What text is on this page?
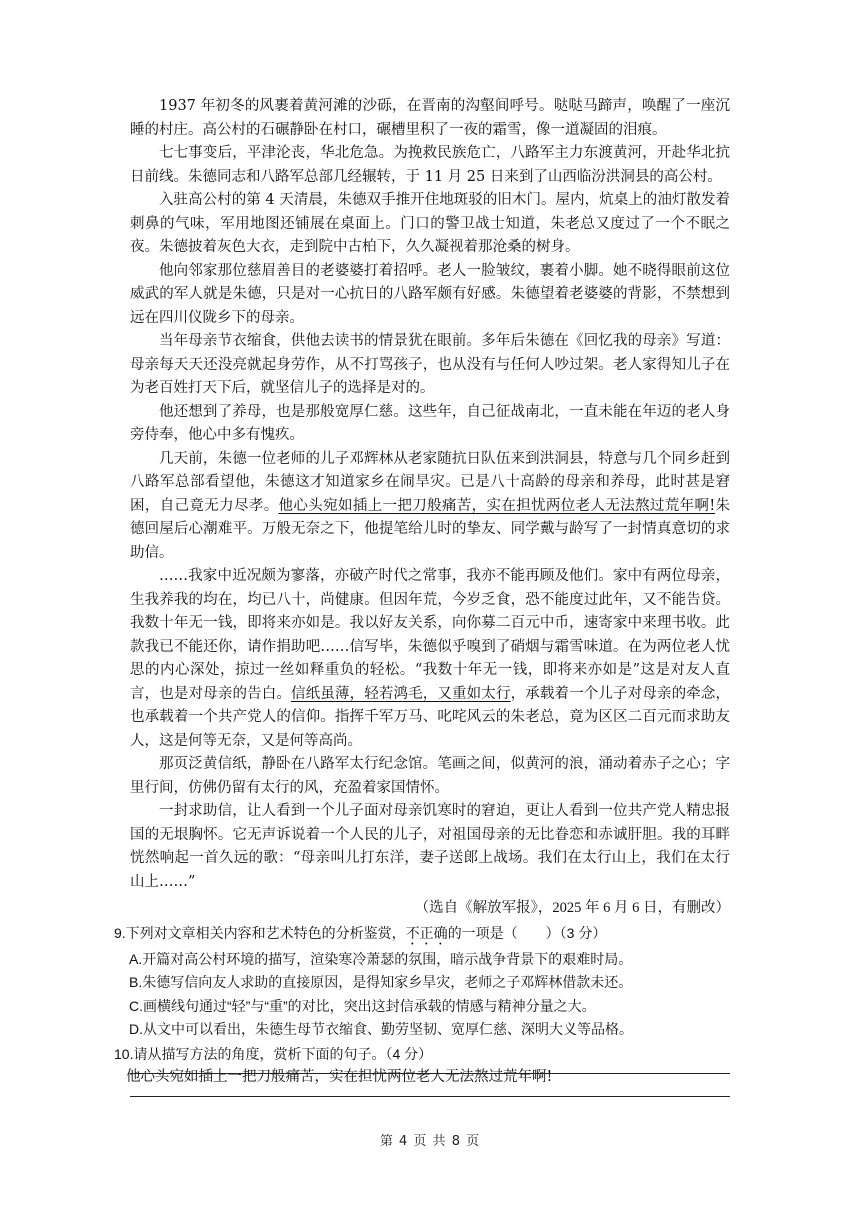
1937 年初冬的风裹着黄河滩的沙砾，在晋南的沟壑间呼号。哒哒马蹄声，唤醒了一座沉睡的村庄。高公村的石碾静卧在村口，碾槽里积了一夜的霜雪，像一道凝固的泪痕。

七七事变后，平津沦丧，华北危急。为挽救民族危亡，八路军主力东渡黄河，开赴华北抗日前线。朱德同志和八路军总部几经辗转，于 11 月 25 日来到了山西临汾洪洞县的高公村。

入驻高公村的第 4 天清晨，朱德双手推开住地斑驳的旧木门。屋内，炕桌上的油灯散发着刺鼻的气味，军用地图还铺展在桌面上。门口的警卫战士知道，朱老总又度过了一个不眠之夜。朱德披着灰色大衣，走到院中古柏下，久久凝视着那沧桑的树身。

他向邻家那位慈眉善目的老婆婆打着招呼。老人一脸皱纹，裹着小脚。她不晓得眼前这位威武的军人就是朱德，只是对一心抗日的八路军颇有好感。朱德望着老婆婆的背影，不禁想到远在四川仪陇乡下的母亲。

当年母亲节衣缩食，供他去读书的情景犹在眼前。多年后朱德在《回忆我的母亲》写道：母亲每天天还没亮就起身劳作，从不打骂孩子，也从没有与任何人吵过架。老人家得知儿子在为老百姓打天下后，就坚信儿子的选择是对的。

他还想到了养母，也是那般宽厚仁慈。这些年，自己征战南北，一直未能在年迈的老人身旁侍奉，他心中多有愧疚。

几天前，朱德一位老师的儿子邓辉林从老家随抗日队伍来到洪洞县，特意与几个同乡赶到八路军总部看望他，朱德这才知道家乡在闹旱灾。已是八十高龄的母亲和养母，此时甚是窘困，自己竟无力尽孝。他心头宛如插上一把刀般痛苦，实在担忧两位老人无法熬过荒年啊!朱德回屋后心潮难平。万般无奈之下，他提笔给儿时的挚友、同学戴与龄写了一封情真意切的求助信。

……我家中近况颇为寥落，亦破产时代之常事，我亦不能再顾及他们。家中有两位母亲，生我养我的均在，均已八十，尚健康。但因年荒，今岁乏食，恐不能度过此年，又不能告贷。我数十年无一钱，即将来亦如是。我以好友关系，向你募二百元中币，速寄家中来理书收。此款我已不能还你，请作捐助吧……信写毕，朱德似乎嗅到了硝烟与霜雪味道。在为两位老人忧思的内心深处，掠过一丝如释重负的轻松。“我数十年无一钱，即将来亦如是”这是对友人直言，也是对母亲的告白。信纸虽薄，轻若鸿毛，又重如太行，承载着一个儿子对母亲的牵念，也承载着一个共产党人的信仰。指挥千军万马、叱咤风云的朱老总，竟为区区二百元而求助友人，这是何等无奈，又是何等高尚。

那页泛黄信纸，静卧在八路军太行纪念馆。笔画之间，似黄河的浪，涌动着赤子之心；字里行间，仿佛仍留有太行的风，充盈着家国情怀。

一封求助信，让人看到一个儿子面对母亲饥寒时的窘迫，更让人看到一位共产党人精忠报国的无垠胸怀。它无声诉说着一个人民的儿子，对祖国母亲的无比眷恋和赤诚肝胆。我的耳畔恍然响起一首久远的歌：“母亲叫儿打东洋，妻子送郎上战场。我们在太行山上，我们在太行山上……”

（选自《解放军报》，2025 年 6 月 6 日，有删改）

9.下列对文章相关内容和艺术特色的分析鉴赏，不正确的一项是（　　）（3 分）

A.开篇对高公村环境的描写，渲染寒冷萧瑟的氛围，暗示战争背景下的艰难时局。

B.朱德写信向友人求助的直接原因，是得知家乡旱灾，老师之子邓辉林借款未还。

C.画横线句通过“轻”与“重”的对比，突出这封信承载的情感与精神分量之大。

D.从文中可以看出，朱德生母节衣缩食、勤劳坚韧、宽厚仁慈、深明大义等品格。

10.请从描写方法的角度，赏析下面的句子。（4 分）

他心头宛如插上一把刀般痛苦，实在担忧两位老人无法熬过荒年啊!

第 4 页 共 8 页
